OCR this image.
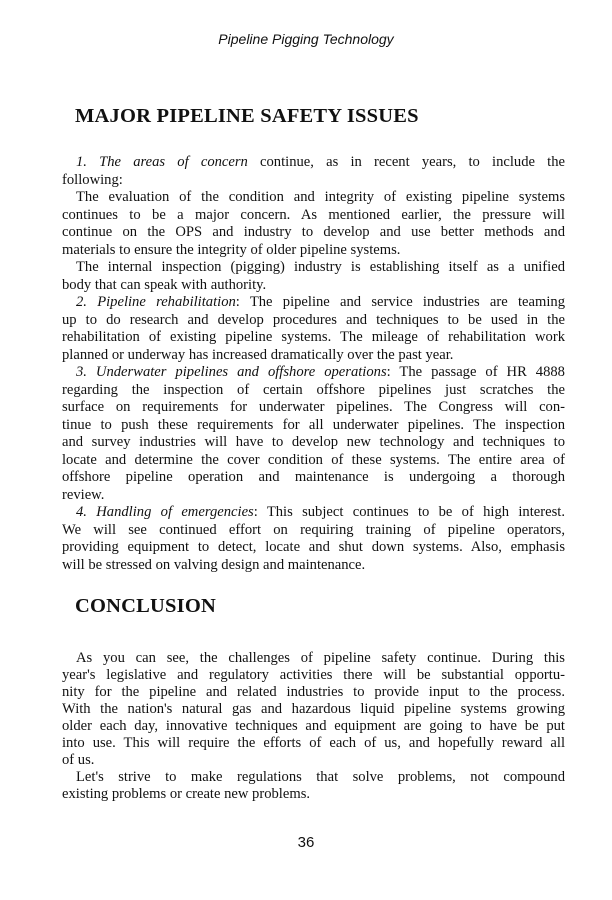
Pipeline Pigging Technology
MAJOR PIPELINE SAFETY ISSUES
1. The areas of concern continue, as in recent years, to include the
following:
The evaluation of the condition and integrity of existing pipeline systems
continues to be a major concern. As mentioned earlier, the pressure will
continue on the OPS and industry to develop and use better methods and
materials to ensure the integrity of older pipeline systems.
The internal inspection (pigging) industry is establishing itself as a unified
body that can speak with authority.
2. Pipeline rehabilitation: The pipeline and service industries are teaming
up to do research and develop procedures and techniques to be used in the
rehabilitation of existing pipeline systems. The mileage of rehabilitation work
planned or underway has increased dramatically over the past year.
3. Underwater pipelines and offshore operations: The passage of HR 4888
regarding the inspection of certain offshore pipelines just scratches the
surface on requirements for underwater pipelines. The Congress will con-
tinue to push these requirements for all underwater pipelines. The inspection
and survey industries will have to develop new technology and techniques to
locate and determine the cover condition of these systems. The entire area of
offshore pipeline operation and maintenance is undergoing a thorough
review.
4. Handling of emergencies: This subject continues to be of high interest.
We will see continued effort on requiring training of pipeline operators,
providing equipment to detect, locate and shut down systems. Also, emphasis
will be stressed on valving design and maintenance.
CONCLUSION
As you can see, the challenges of pipeline safety continue. During this
year's legislative and regulatory activities there will be substantial opportu-
nity for the pipeline and related industries to provide input to the process.
With the nation's natural gas and hazardous liquid pipeline systems growing
older each day, innovative techniques and equipment are going to have be put
into use. This will require the efforts of each of us, and hopefully reward all
of us.
Let's strive to make regulations that solve problems, not compound
existing problems or create new problems.
36
